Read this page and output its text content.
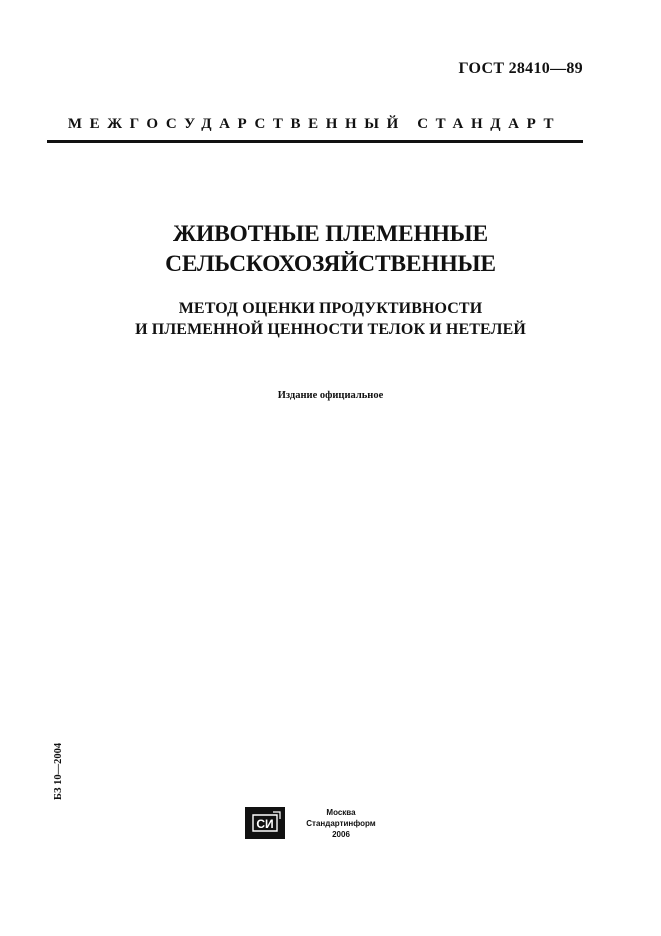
ГОСТ 28410—89
МЕЖГОСУДАРСТВЕННЫЙ СТАНДАРТ
ЖИВОТНЫЕ ПЛЕМЕННЫЕ
СЕЛЬСКОХОЗЯЙСТВЕННЫЕ
МЕТОД ОЦЕНКИ ПРОДУКТИВНОСТИ
И ПЛЕМЕННОЙ ЦЕННОСТИ ТЕЛОК И НЕТЕЛЕЙ
Издание официальное
БЗ 10—2004
СИ
Москва
Стандартинформ
2006
